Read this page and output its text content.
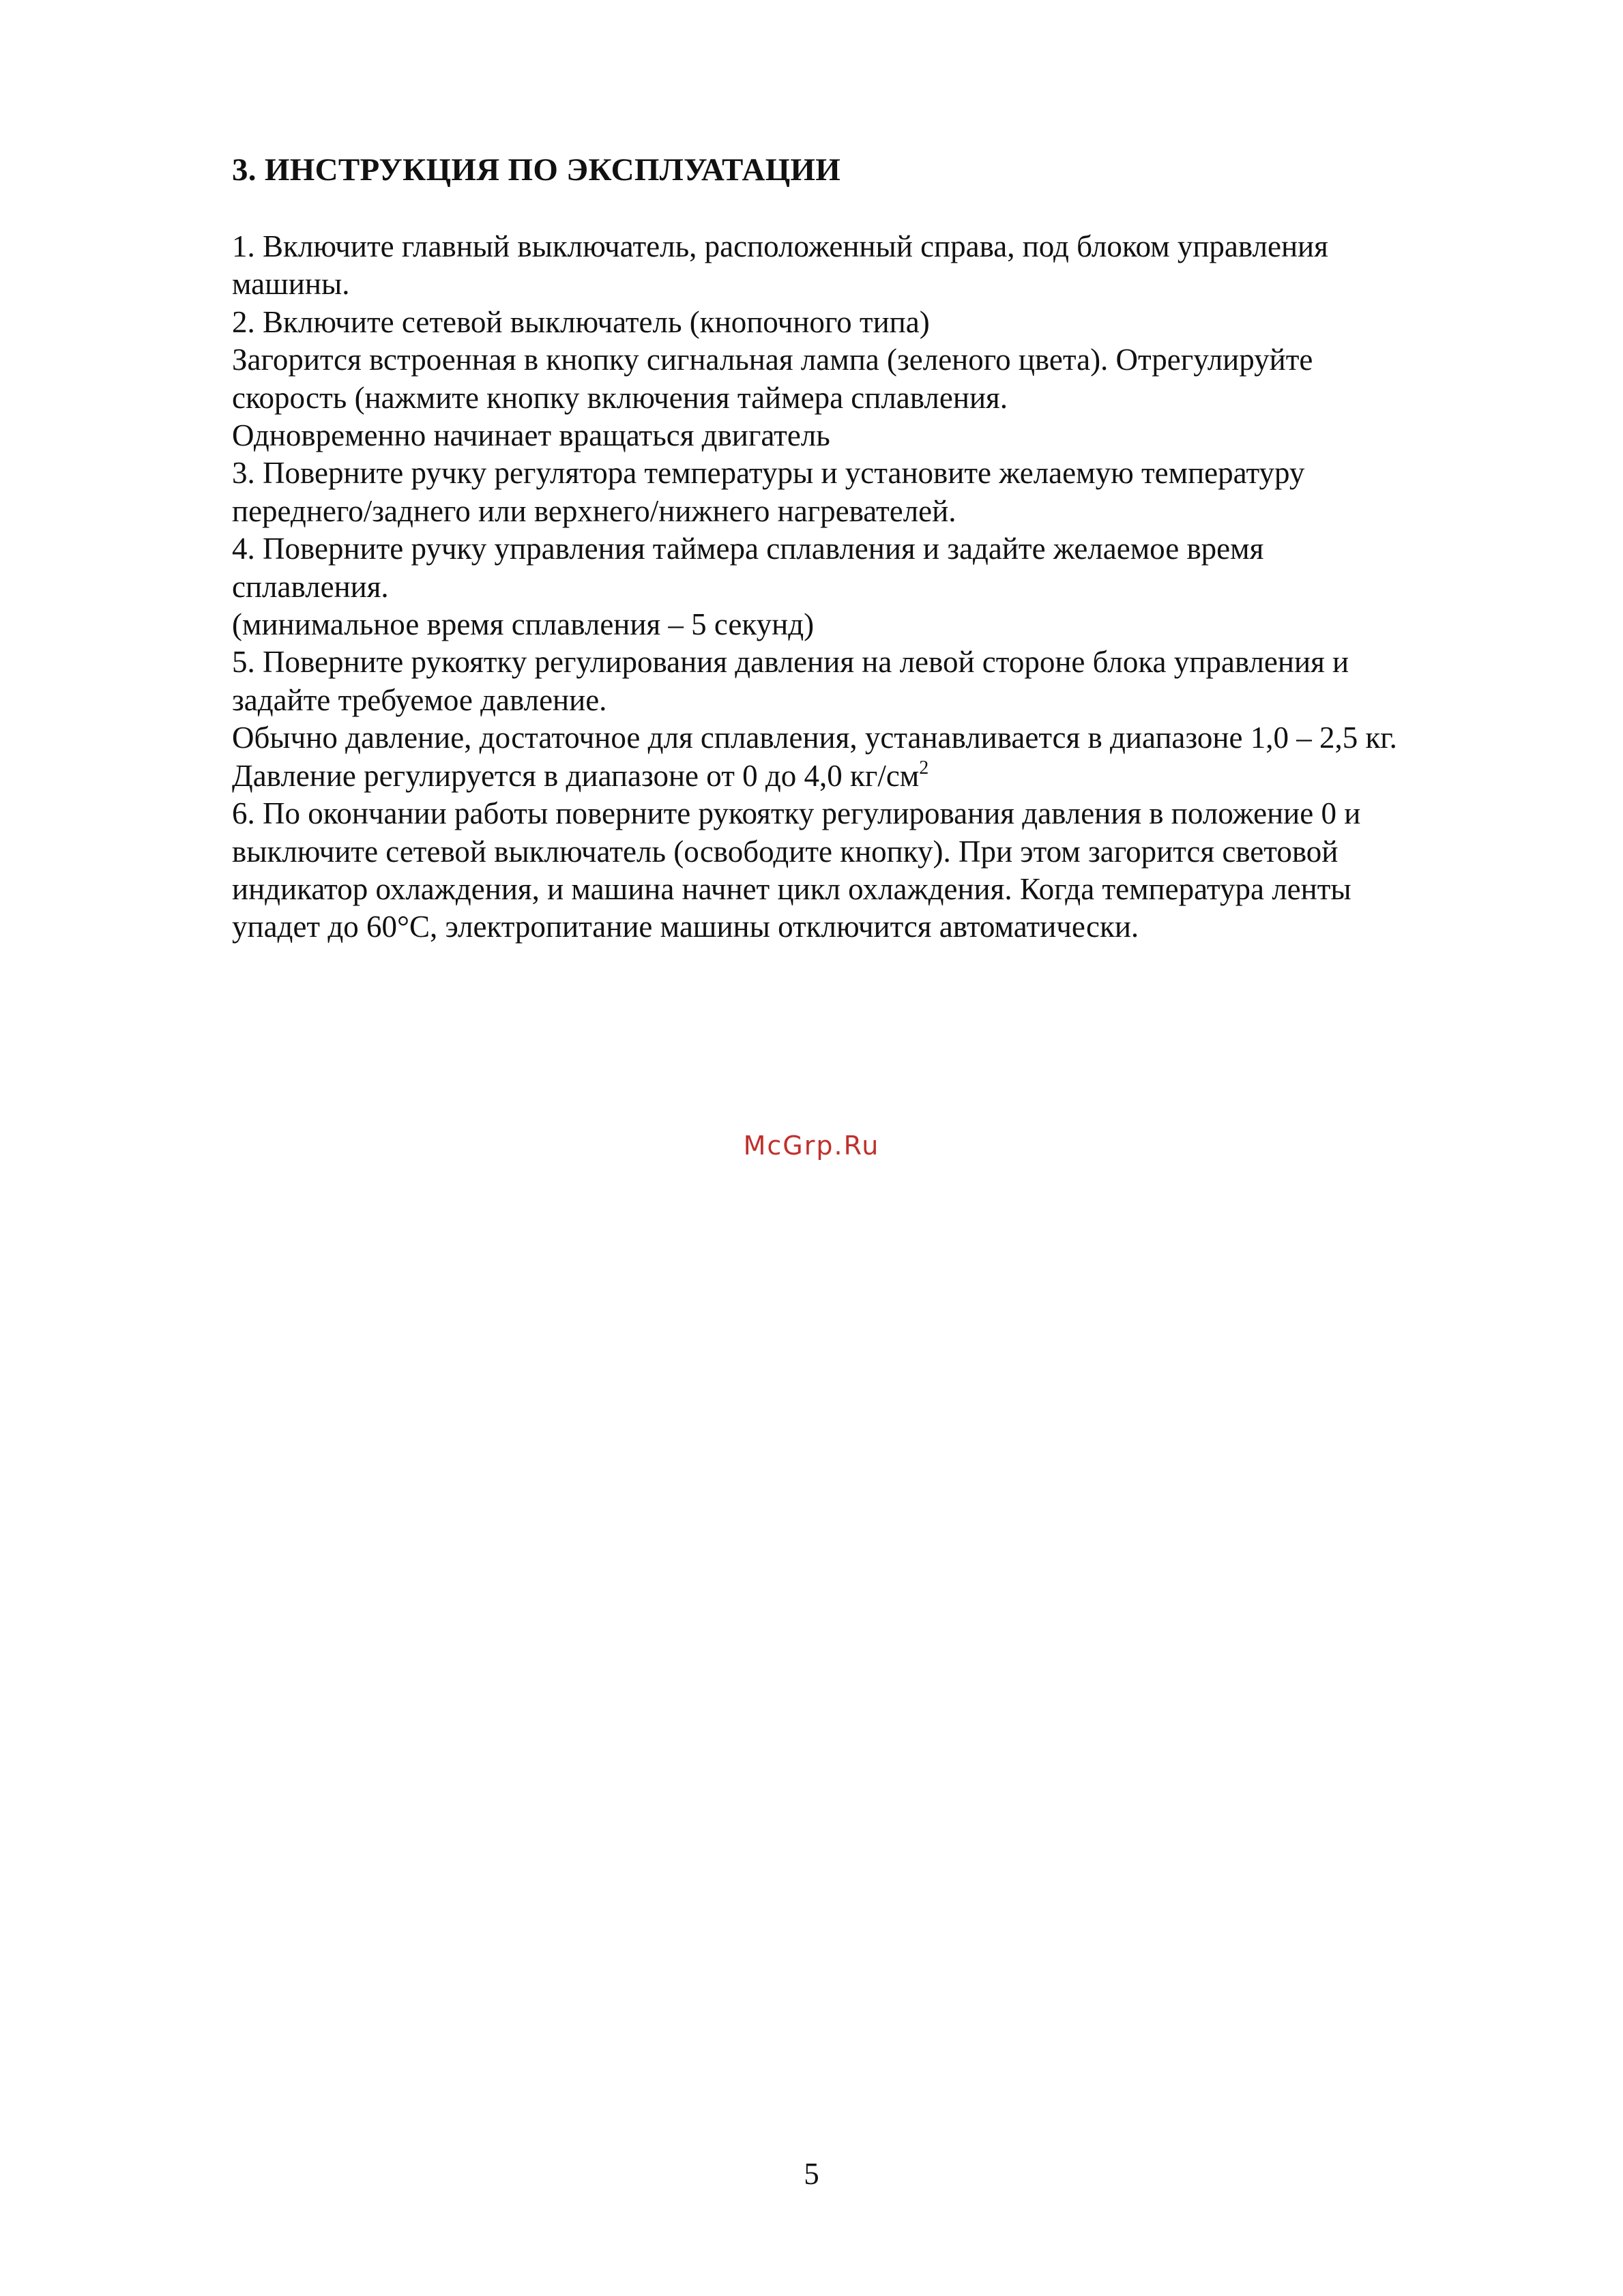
3. ИНСТРУКЦИЯ ПО ЭКСПЛУАТАЦИИ
1. Включите главный выключатель, расположенный справа, под блоком управления
машины.
2. Включите сетевой выключатель (кнопочного типа)
Загорится встроенная в кнопку сигнальная лампа (зеленого цвета). Отрегулируйте
скорость (нажмите кнопку включения таймера сплавления.
Одновременно начинает вращаться двигатель
3. Поверните ручку регулятора температуры и установите желаемую температуру
переднего/заднего или верхнего/нижнего нагревателей.
4. Поверните ручку управления таймера сплавления и задайте желаемое время
сплавления.
(минимальное время сплавления – 5 секунд)
5. Поверните рукоятку регулирования давления на левой стороне блока управления и
задайте требуемое давление.
Обычно давление, достаточное для сплавления, устанавливается в диапазоне 1,0 – 2,5 кг.
Давление регулируется в диапазоне от 0 до 4,0 $кг/см^2$
6. По окончании работы поверните рукоятку регулирования давления в положение 0 и
выключите сетевой выключатель (освободите кнопку). При этом загорится световой
индикатор охлаждения, и машина начнет цикл охлаждения. Когда температура ленты
упадет до 60°С, электропитание машины отключится автоматически.
McGrp.Ru
5
